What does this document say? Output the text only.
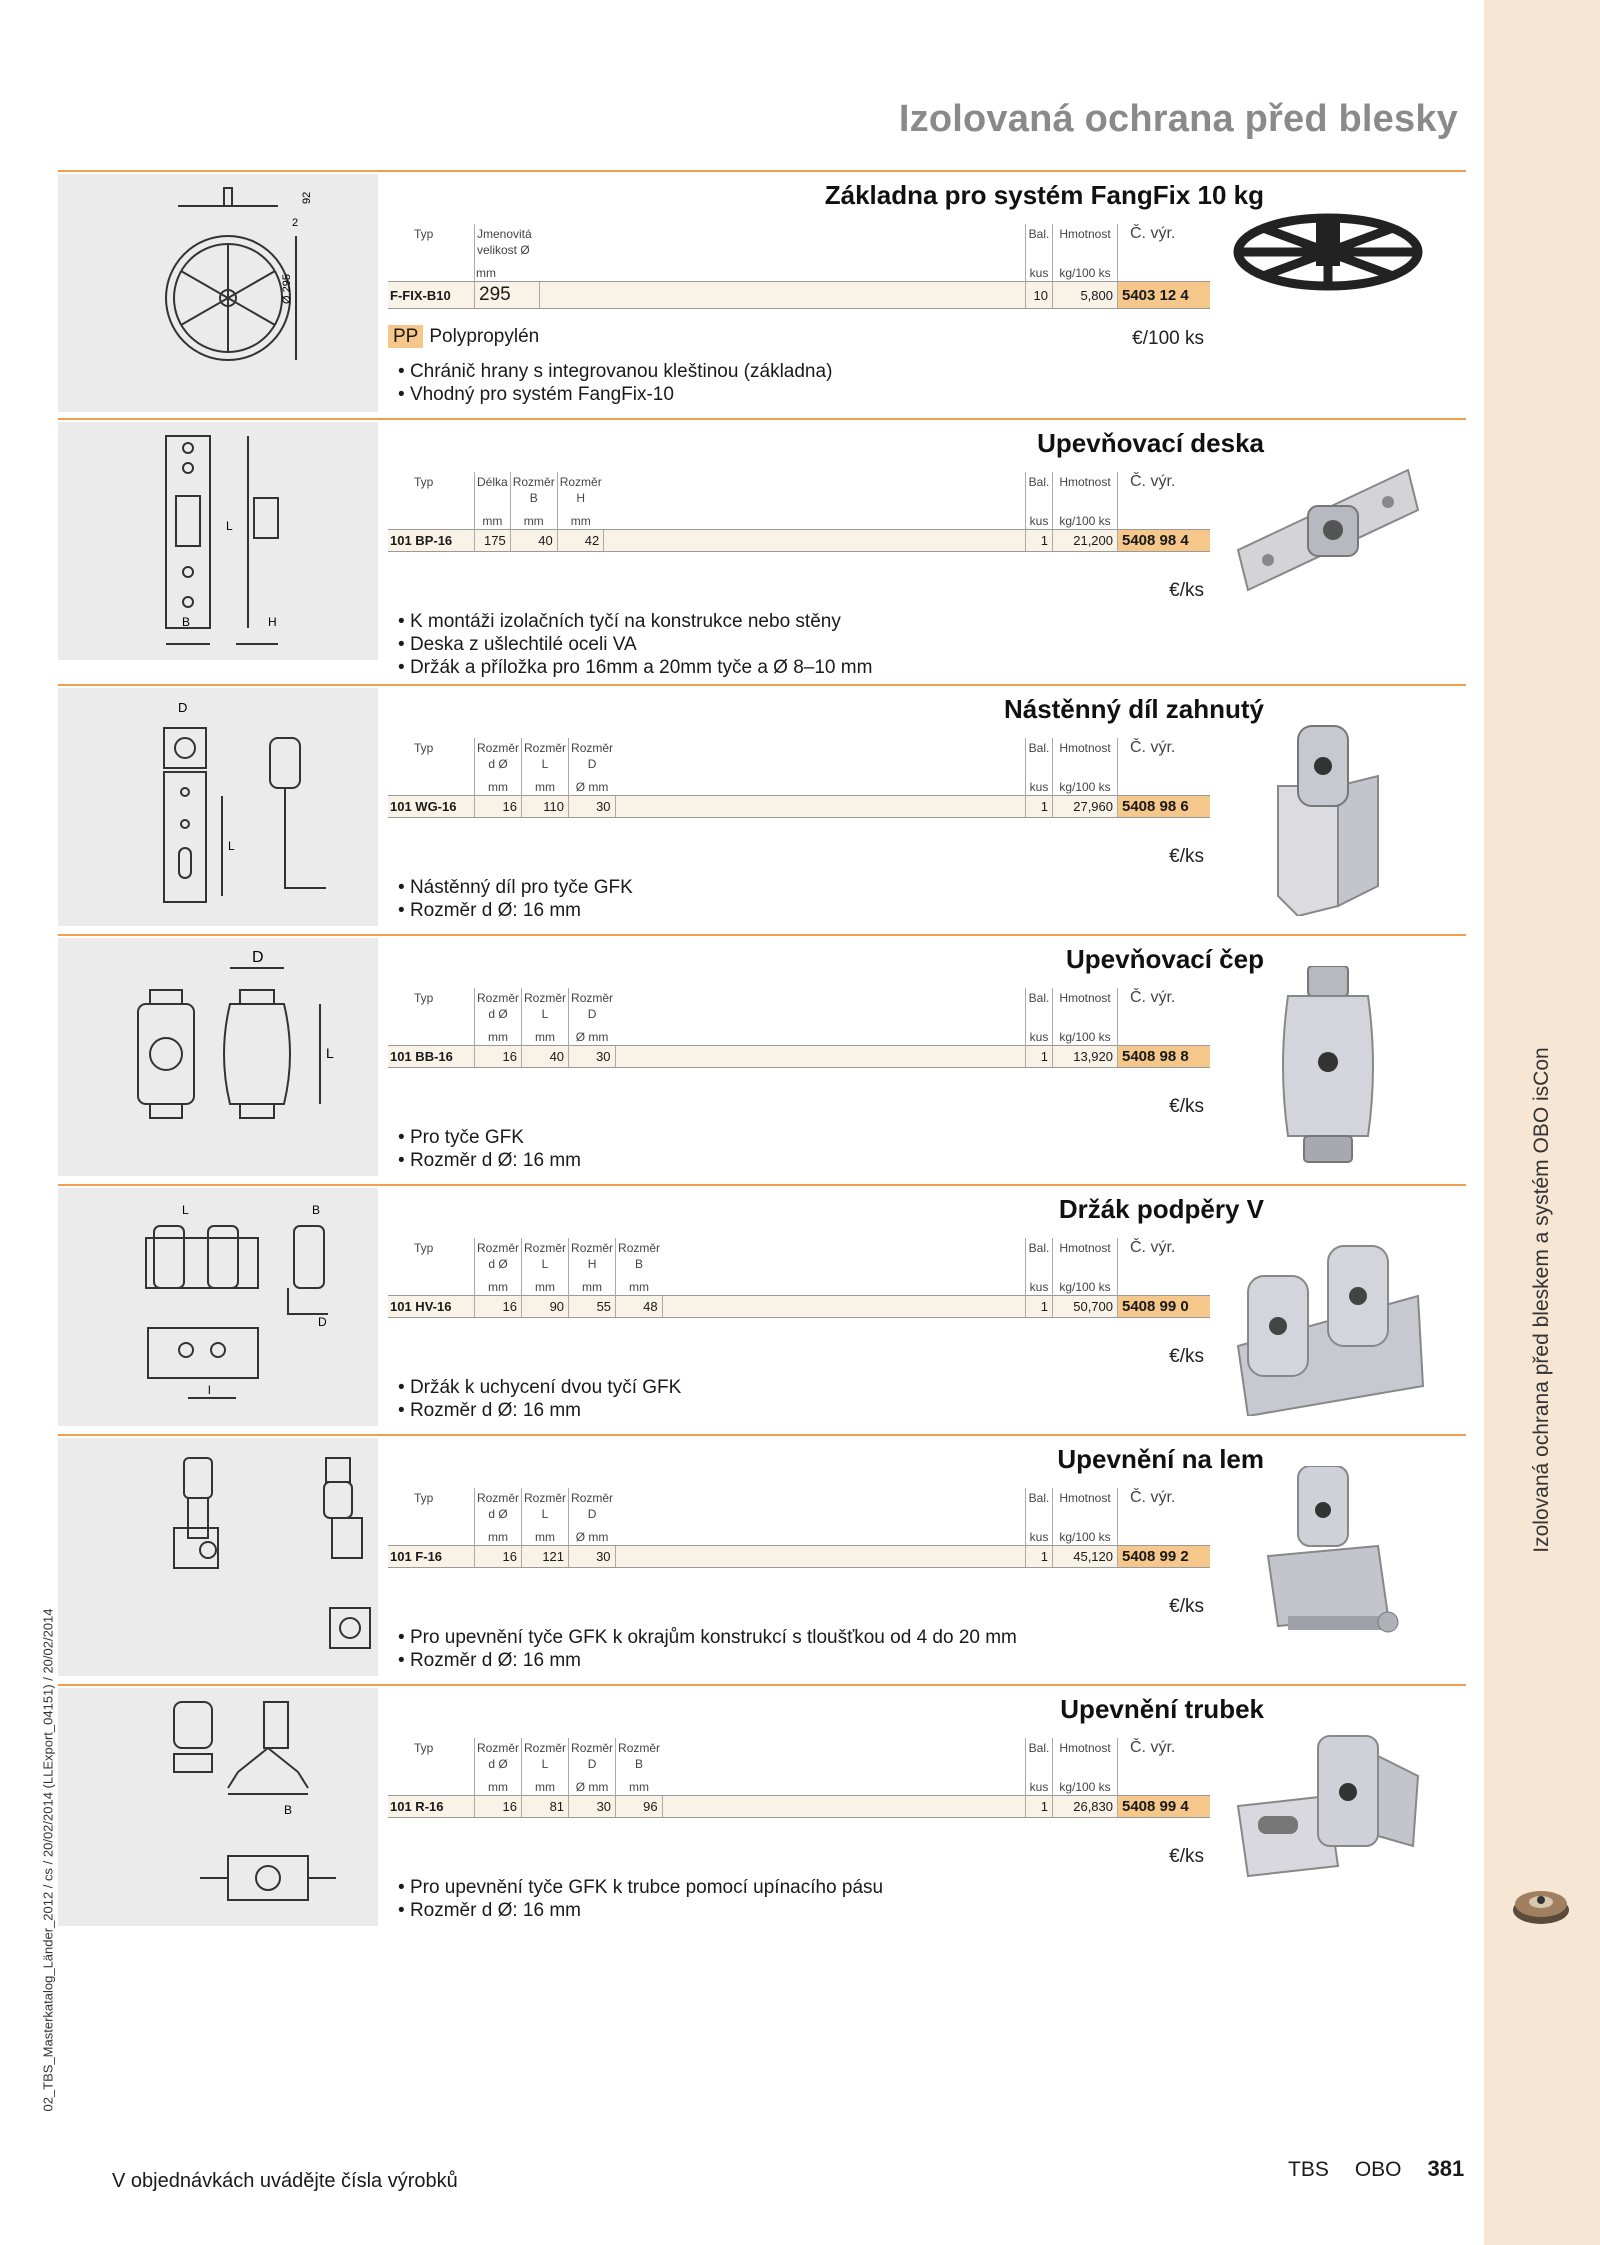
Izolovaná ochrana před bleskem a systém OBO isCon
02_TBS_Masterkatalog_Länder_2012 / cs / 20/02/2014 (LLExport_04151) / 20/02/2014
Izolovaná ochrana před blesky
Ø 295
92
2
Základna pro systém FangFix 10 kg
Typ	Jmenovitá velikost Ø		Bal.	Hmotnost	Č. výr.
	mm		kus	kg/100 ks	
F-FIX-B10	295		10	5,800	5403 12 4
PP Polypropylén	€/100 ks
• Chránič hrany s integrovanou kleštinou (základna)
• Vhodný pro systém FangFix-10
B	H
L
Upevňovací deska
Typ	Délka	Rozměr B	Rozměr H		Bal.	Hmotnost	Č. výr.
	mm	mm	mm		kus	kg/100 ks	
101 BP-16	175	40	42		1	21,200	5408 98 4
€/ks
• K montáži izolačních tyčí na konstrukce nebo stěny
• Deska z ušlechtilé oceli VA
• Držák a příložka pro 16mm a 20mm tyče a Ø 8–10 mm
D
L
Nástěnný díl zahnutý
Typ	Rozměr d Ø	Rozměr L	Rozměr D		Bal.	Hmotnost	Č. výr.
	mm	mm	Ø mm		kus	kg/100 ks	
101 WG-16	16	110	30		1	27,960	5408 98 6
€/ks
• Nástěnný díl pro tyče GFK
• Rozměr d Ø: 16 mm
D
L
Upevňovací čep
Typ	Rozměr d Ø	Rozměr L	Rozměr D		Bal.	Hmotnost	Č. výr.
	mm	mm	Ø mm		kus	kg/100 ks	
101 BB-16	16	40	30		1	13,920	5408 98 8
€/ks
• Pro tyče GFK
• Rozměr d Ø: 16 mm
L	B
D
l
Držák podpěry V
Typ	Rozměr d Ø	Rozměr L	Rozměr H	Rozměr B		Bal.	Hmotnost	Č. výr.
	mm	mm	mm	mm		kus	kg/100 ks	
101 HV-16	16	90	55	48		1	50,700	5408 99 0
€/ks
• Držák k uchycení dvou tyčí GFK
• Rozměr d Ø: 16 mm
Upevnění na lem
Typ	Rozměr d Ø	Rozměr L	Rozměr D		Bal.	Hmotnost	Č. výr.
	mm	mm	Ø mm		kus	kg/100 ks	
101 F-16	16	121	30		1	45,120	5408 99 2
€/ks
• Pro upevnění tyče GFK k okrajům konstrukcí s tloušťkou od 4 do 20 mm
• Rozměr d Ø: 16 mm
B
Upevnění trubek
Typ	Rozměr d Ø	Rozměr L	Rozměr D	Rozměr B		Bal.	Hmotnost	Č. výr.
	mm	mm	Ø mm	mm		kus	kg/100 ks	
101 R-16	16	81	30	96		1	26,830	5408 99 4
€/ks
• Pro upevnění tyče GFK k trubce pomocí upínacího pásu
• Rozměr d Ø: 16 mm
V objednávkách uvádějte čísla výrobků	TBS OBO 381
